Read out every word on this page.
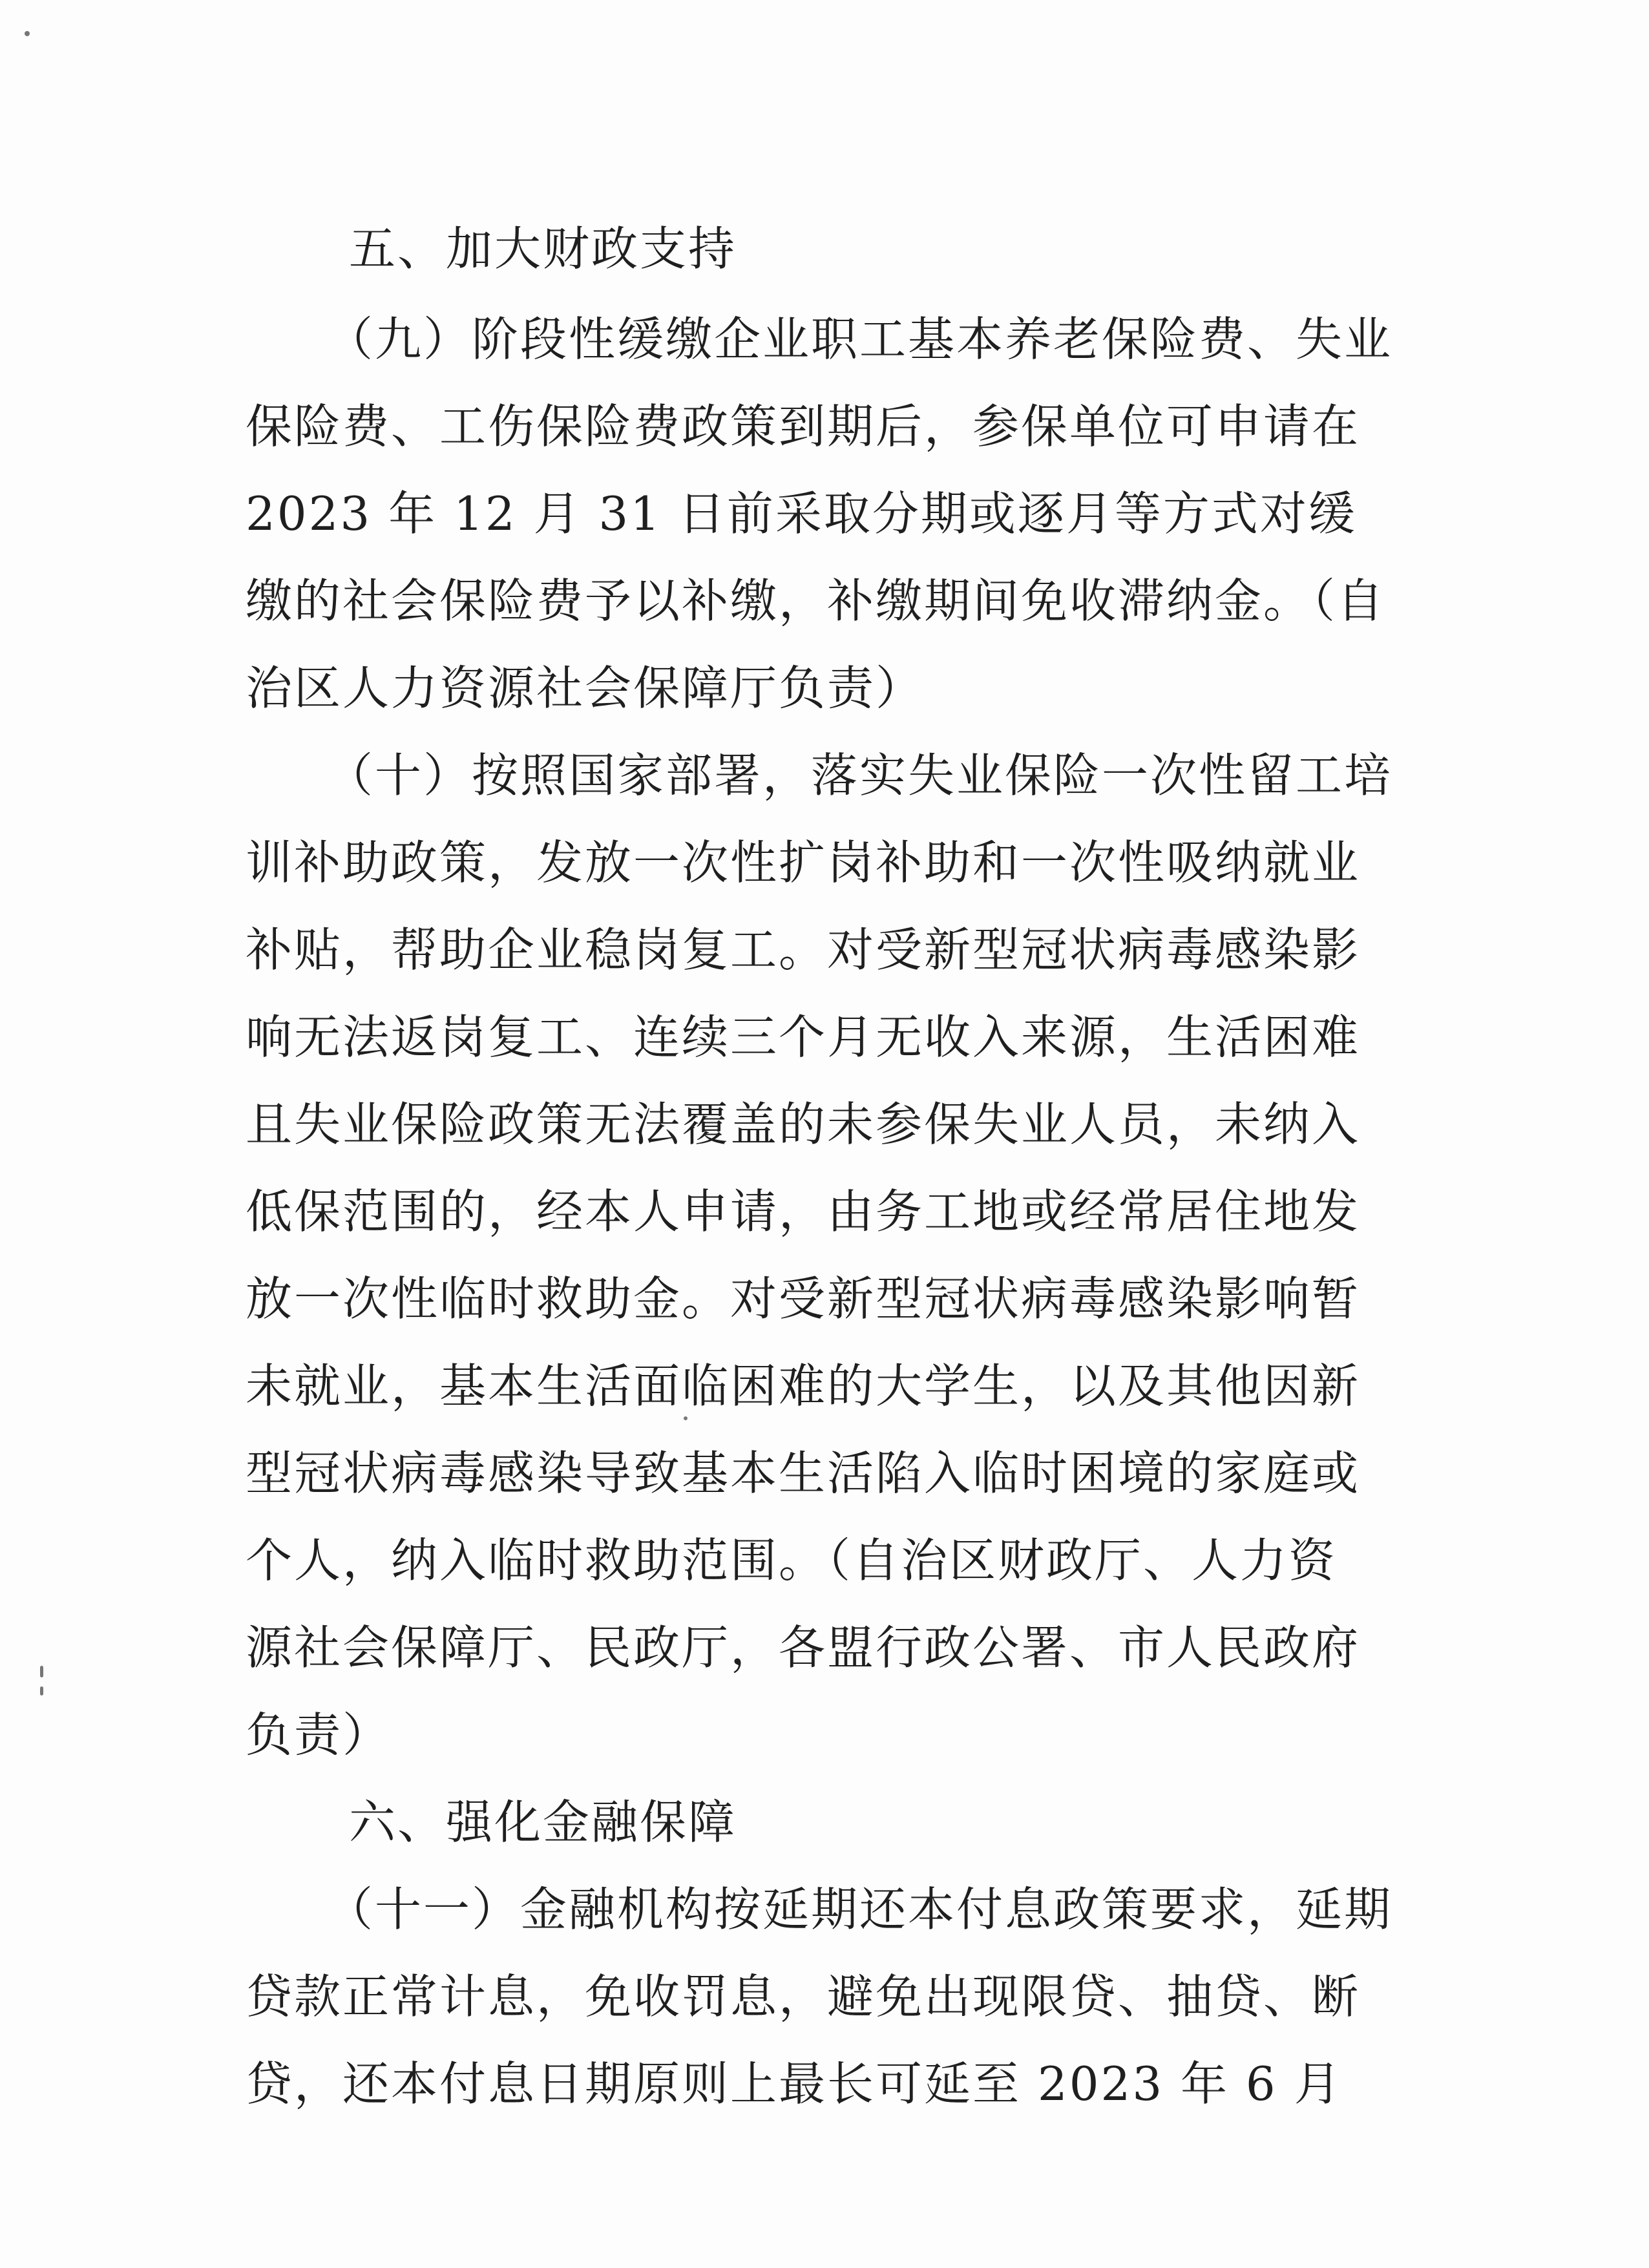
五、加大财政支持
（九）阶段性缓缴企业职工基本养老保险费、失业
保险费、工伤保险费政策到期后，参保单位可申请在
2023 年 12 月 31 日前采取分期或逐月等方式对缓
缴的社会保险费予以补缴，补缴期间免收滞纳金。（自
治区人力资源社会保障厅负责）
（十）按照国家部署，落实失业保险一次性留工培
训补助政策，发放一次性扩岗补助和一次性吸纳就业
补贴，帮助企业稳岗复工。对受新型冠状病毒感染影
响无法返岗复工、连续三个月无收入来源，生活困难
且失业保险政策无法覆盖的未参保失业人员，未纳入
低保范围的，经本人申请，由务工地或经常居住地发
放一次性临时救助金。对受新型冠状病毒感染影响暂
未就业，基本生活面临困难的大学生，以及其他因新
型冠状病毒感染导致基本生活陷入临时困境的家庭或
个人，纳入临时救助范围。（自治区财政厅、人力资
源社会保障厅、民政厅，各盟行政公署、市人民政府
负责）
六、强化金融保障
（十一）金融机构按延期还本付息政策要求，延期
贷款正常计息，免收罚息，避免出现限贷、抽贷、断
贷，还本付息日期原则上最长可延至 2023 年 6 月
